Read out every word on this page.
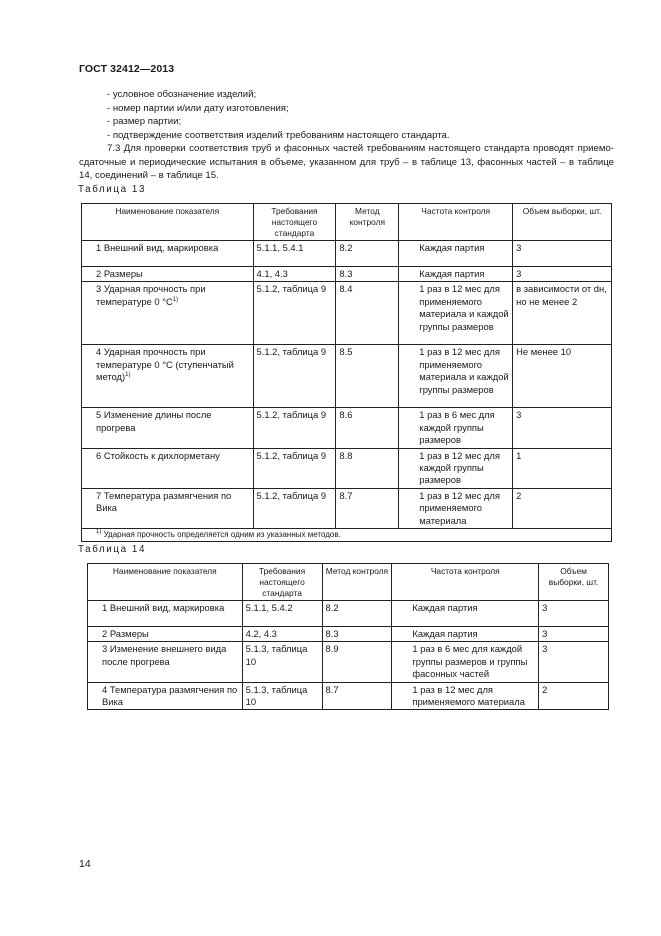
ГОСТ 32412—2013
- условное обозначение изделий;
- номер партии и/или дату изготовления;
- размер партии;
- подтверждение соответствия изделий требованиям настоящего стандарта.
7.3 Для проверки соответствия труб и фасонных частей требованиям настоящего стандарта проводят приемо-сдаточные и периодические испытания в объеме, указанном для труб – в таблице 13, фасонных частей – в таблице 14, соединений – в таблице 15.
Таблица 13
Наименование показателя	Требования настоящего стандарта	Метод контроля	Частота контроля	Объем выборки, шт.
1 Внешний вид, маркировка	5.1.1, 5.4.1	8.2	Каждая партия	3
2 Размеры	4.1, 4.3	8.3	Каждая партия	3
3 Ударная прочность при температуре 0 $^\circ С^{1)}$	5.1.2, таблица 9	8.4	1 раз в 12 мес для применяемого материала и каждой группы размеров	в зависимости от dн, но не менее 2
4 Ударная прочность при температуре 0 °С (ступенчатый метод)$^{1)}$	5.1.2, таблица 9	8.5	1 раз в 12 мес для применяемого материала и каждой группы размеров	Не менее 10
5 Изменение длины после прогрева	5.1.2, таблица 9	8.6	1 раз в 6 мес для каждой группы размеров	3
6 Стойкость к дихлорметану	5.1.2, таблица 9	8.8	1 раз в 12 мес для каждой группы размеров	1
7 Температура размягчения по Вика	5.1.2, таблица 9	8.7	1 раз в 12 мес для применяемого материала	2
$^{1)}$ Ударная прочность определяется одним из указанных методов.				
Таблица 14
Наименование показателя	Требования настоящего стандарта	Метод контроля	Частота контроля	Объем выборки, шт.
1 Внешний вид, маркировка	5.1.1, 5.4.2	8.2	Каждая партия	3
2 Размеры	4.2, 4.3	8.3	Каждая партия	3
3 Изменение внешнего вида после прогрева	5.1.3, таблица 10	8.9	1 раз в 6 мес для каждой группы размеров и группы фасонных частей	3
4 Температура размягчения по Вика	5.1.3, таблица 10	8.7	1 раз в 12 мес для применяемого материала	2
14
